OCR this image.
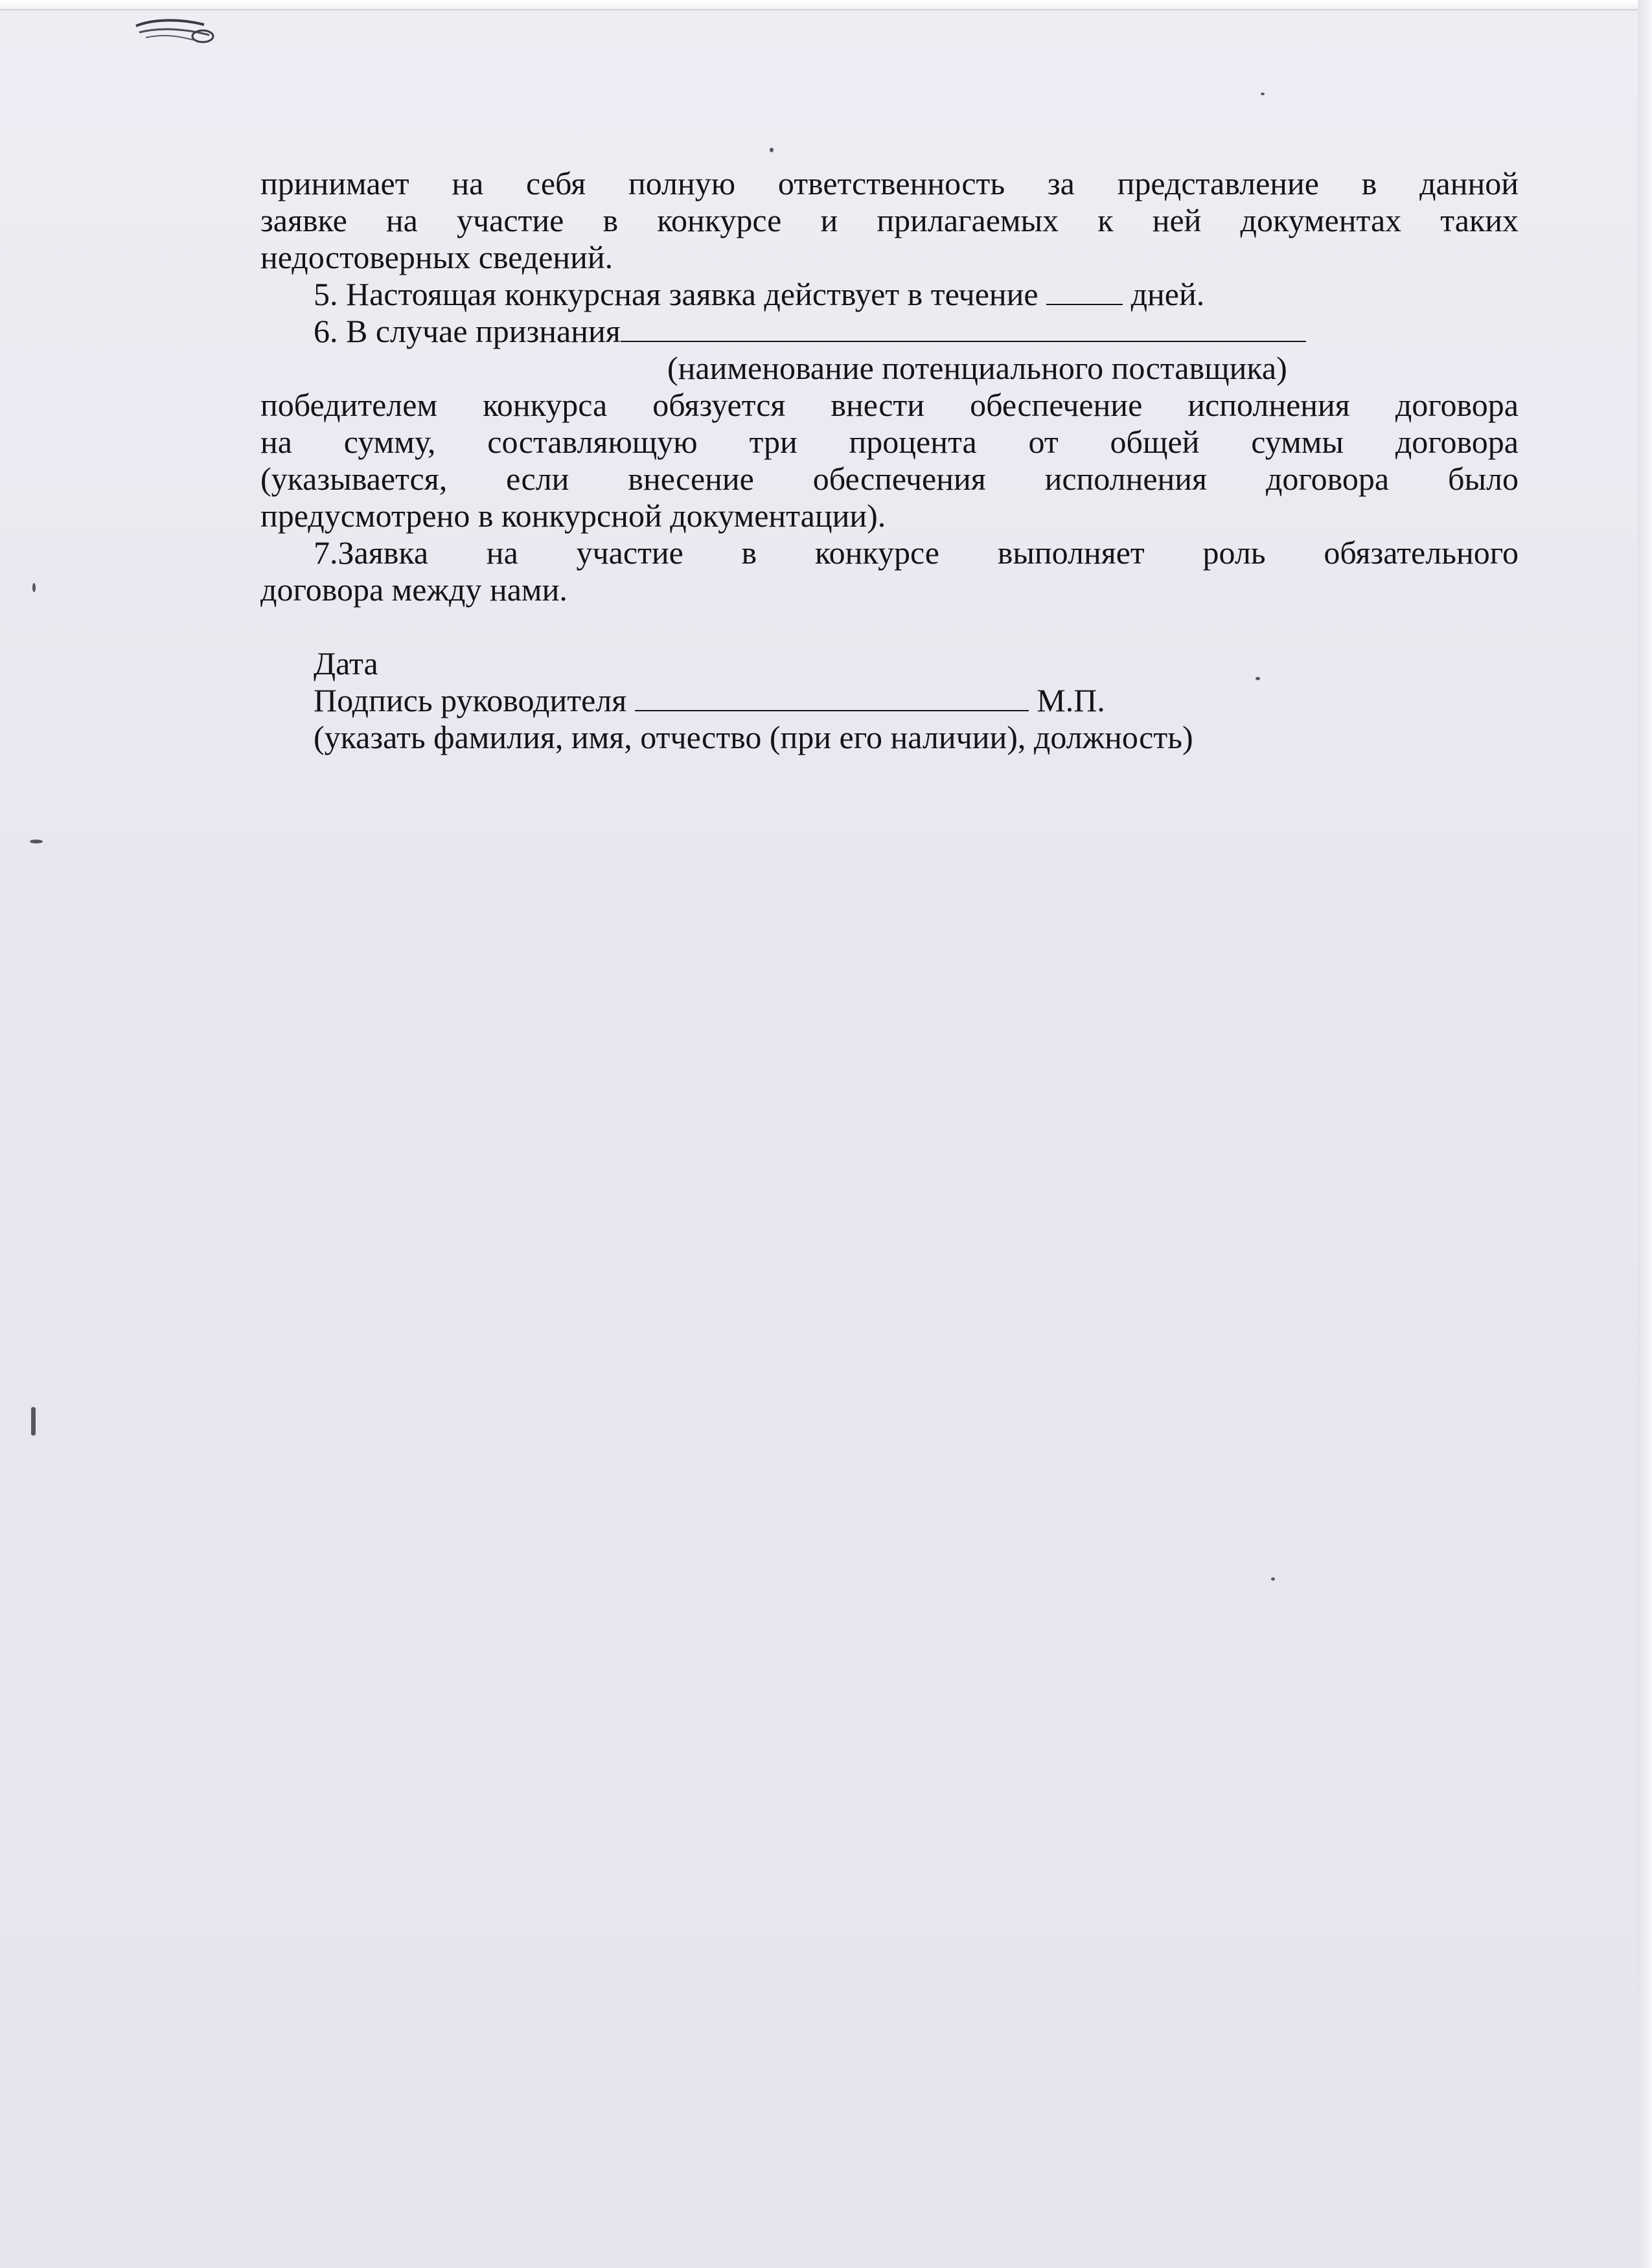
принимает на себя полную ответственность за представление в данной
заявке на участие в конкурсе и прилагаемых к ней документах таких
недостоверных сведений.
5. Настоящая конкурсная заявка действует в течение	дней.
6. В случае признания
(наименование потенциального поставщика)
победителем конкурса обязуется внести обеспечение исполнения договора
на сумму, составляющую три процента от общей суммы договора
(указывается, если внесение обеспечения исполнения договора было
предусмотрено в конкурсной документации).
7.Заявка на участие в конкурсе выполняет роль обязательного
договора между нами.
Дата
Подпись руководителя	М.П.
(указать фамилия, имя, отчество (при его наличии), должность)
